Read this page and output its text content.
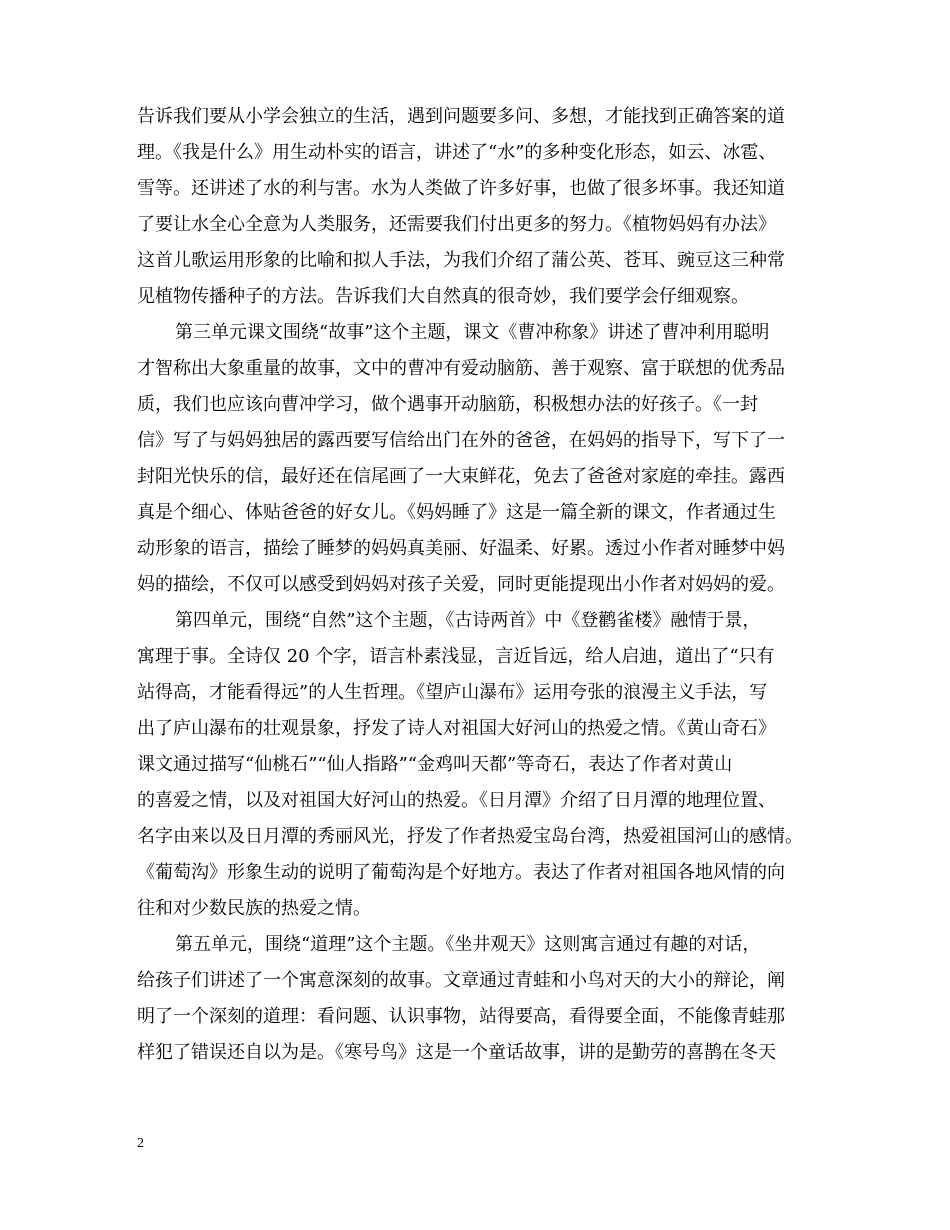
告诉我们要从小学会独立的生活，遇到问题要多问、多想，才能找到正确答案的道

理。《我是什么》用生动朴实的语言，讲述了“水”的多种变化形态，如云、冰雹、

雪等。还讲述了水的利与害。水为人类做了许多好事，也做了很多坏事。我还知道

了要让水全心全意为人类服务，还需要我们付出更多的努力。《植物妈妈有办法》

这首儿歌运用形象的比喻和拟人手法，为我们介绍了蒲公英、苍耳、豌豆这三种常

见植物传播种子的方法。告诉我们大自然真的很奇妙，我们要学会仔细观察。

第三单元课文围绕“故事”这个主题，课文《曹冲称象》讲述了曹冲利用聪明

才智称出大象重量的故事，文中的曹冲有爱动脑筋、善于观察、富于联想的优秀品

质，我们也应该向曹冲学习，做个遇事开动脑筋，积极想办法的好孩子。《一封

信》写了与妈妈独居的露西要写信给出门在外的爸爸，在妈妈的指导下，写下了一

封阳光快乐的信，最好还在信尾画了一大束鲜花，免去了爸爸对家庭的牵挂。露西

真是个细心、体贴爸爸的好女儿。《妈妈睡了》这是一篇全新的课文，作者通过生

动形象的语言，描绘了睡梦的妈妈真美丽、好温柔、好累。透过小作者对睡梦中妈

妈的描绘，不仅可以感受到妈妈对孩子关爱，同时更能提现出小作者对妈妈的爱。

第四单元，围绕“自然”这个主题，《古诗两首》中《登鹳雀楼》融情于景，

寓理于事。全诗仅 20 个字，语言朴素浅显，言近旨远，给人启迪，道出了“只有

站得高，才能看得远”的人生哲理。《望庐山瀑布》运用夸张的浪漫主义手法，写

出了庐山瀑布的壮观景象，抒发了诗人对祖国大好河山的热爱之情。《黄山奇石》

课文通过描写“仙桃石”“仙人指路”“金鸡叫天都”等奇石，表达了作者对黄山

的喜爱之情，以及对祖国大好河山的热爱。《日月潭》介绍了日月潭的地理位置、

名字由来以及日月潭的秀丽风光，抒发了作者热爱宝岛台湾，热爱祖国河山的感情。

《葡萄沟》形象生动的说明了葡萄沟是个好地方。表达了作者对祖国各地风情的向

往和对少数民族的热爱之情。

第五单元，围绕“道理”这个主题。《坐井观天》这则寓言通过有趣的对话，

给孩子们讲述了一个寓意深刻的故事。文章通过青蛙和小鸟对天的大小的辩论，阐

明了一个深刻的道理：看问题、认识事物，站得要高，看得要全面，不能像青蛙那

样犯了错误还自以为是。《寒号鸟》这是一个童话故事，讲的是勤劳的喜鹊在冬天

2
